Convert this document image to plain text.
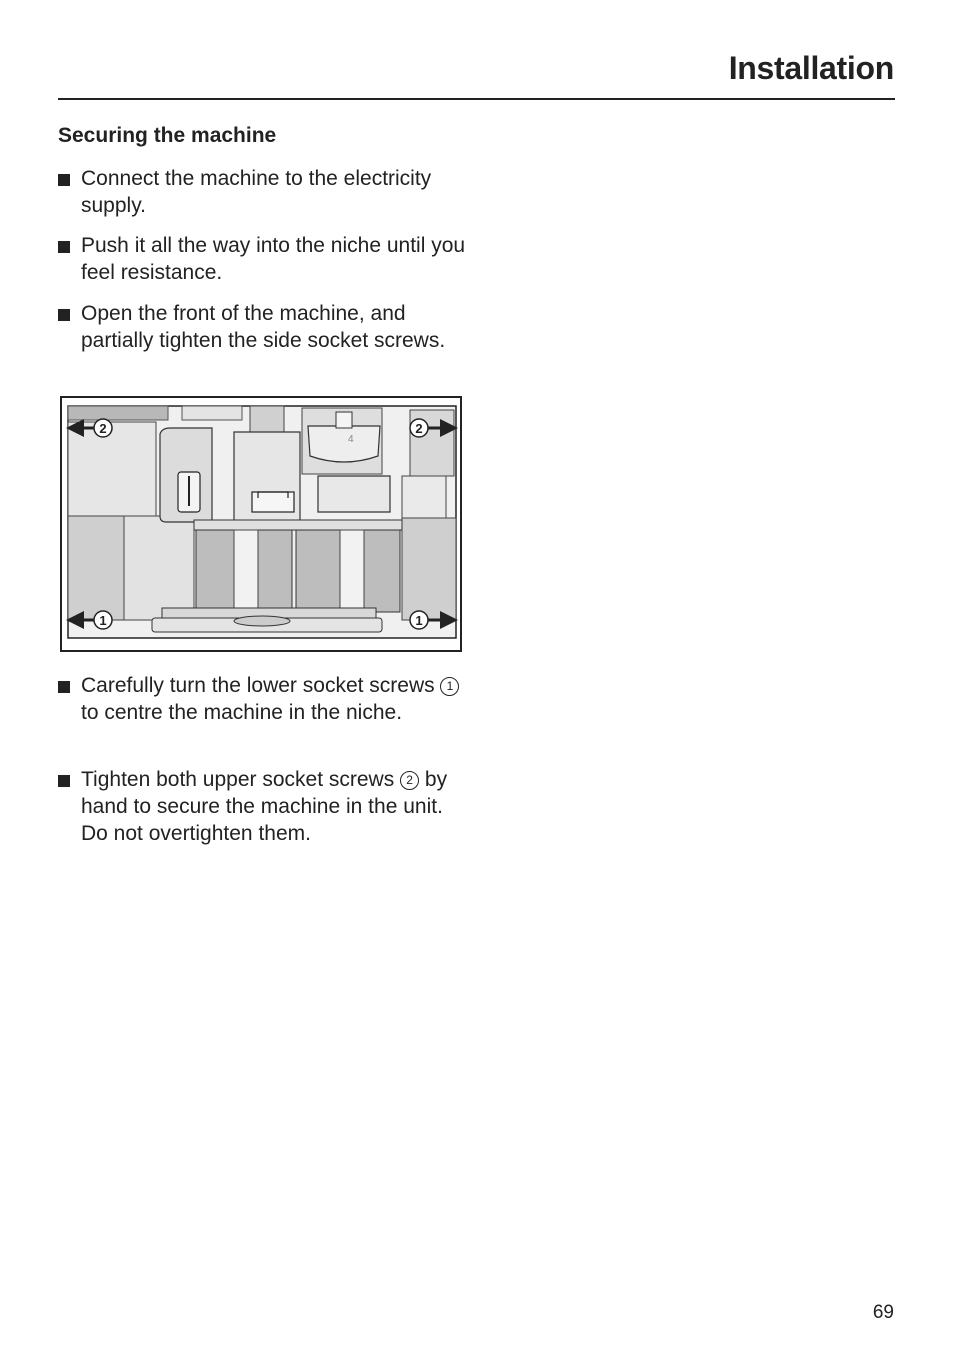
Installation
Securing the machine
Connect the machine to the electricity supply.
Push it all the way into the niche until you feel resistance.
Open the front of the machine, and partially tighten the side socket screws.
4
2	2
1	1
Carefully turn the lower socket screws 1 to centre the machine in the niche.
Tighten both upper socket screws 2 by hand to secure the machine in the unit. Do not overtighten them.
69
